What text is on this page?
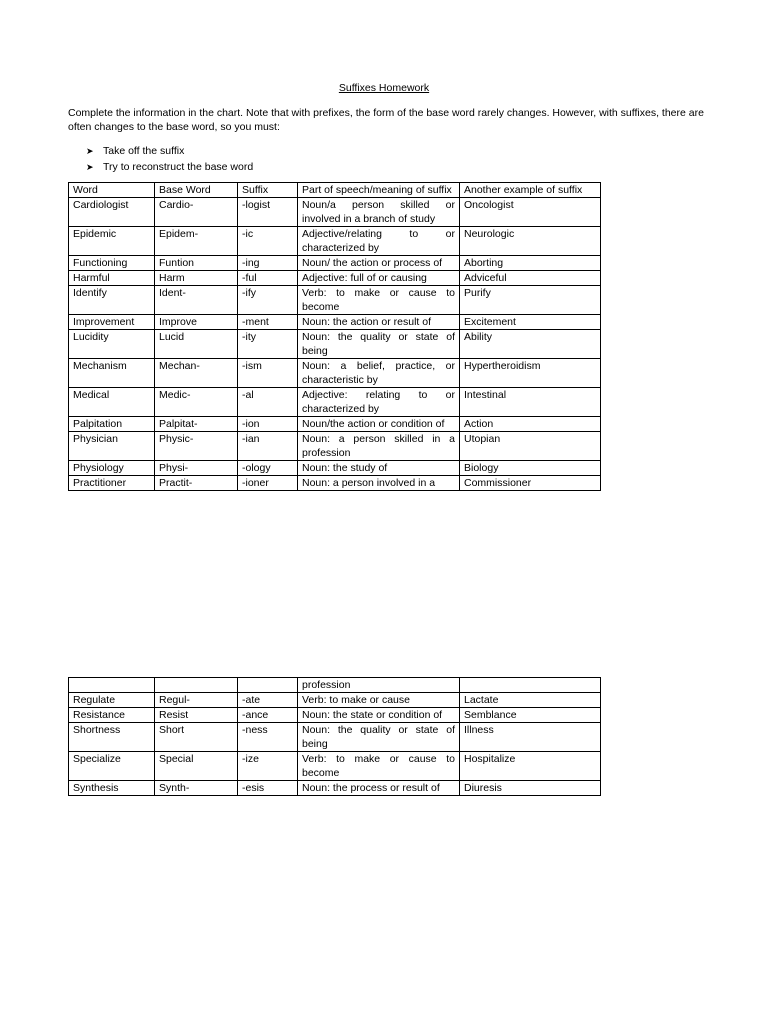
Suffixes Homework
Complete the information in the chart. Note that with prefixes, the form of the base word rarely changes. However, with suffixes, there are often changes to the base word, so you must:
➤ Take off the suffix
➤ Try to reconstruct the base word
Word	Base Word	Suffix	Part of speech/meaning of suffix	Another example of suffix
Cardiologist	Cardio-	-logist	Noun/a person skilled or involved in a branch of study	Oncologist
Epidemic	Epidem-	-ic	Adjective/relating to or characterized by	Neurologic
Functioning	Funtion	-ing	Noun/ the action or process of	Aborting
Harmful	Harm	-ful	Adjective: full of or causing	Adviceful
Identify	Ident-	-ify	Verb: to make or cause to become	Purify
Improvement	Improve	-ment	Noun: the action or result of	Excitement
Lucidity	Lucid	-ity	Noun: the quality or state of being	Ability
Mechanism	Mechan-	-ism	Noun: a belief, practice, or characteristic by	Hypertheroidism
Medical	Medic-	-al	Adjective: relating to or characterized by	Intestinal
Palpitation	Palpitat-	-ion	Noun/the action or condition of	Action
Physician	Physic-	-ian	Noun: a person skilled in a profession	Utopian
Physiology	Physi-	-ology	Noun: the study of	Biology
Practitioner	Practit-	-ioner	Noun: a person involved in a	Commissioner
			profession	
Regulate	Regul-	-ate	Verb: to make or cause	Lactate
Resistance	Resist	-ance	Noun: the state or condition of	Semblance
Shortness	Short	-ness	Noun: the quality or state of being	Illness
Specialize	Special	-ize	Verb: to make or cause to become	Hospitalize
Synthesis	Synth-	-esis	Noun: the process or result of	Diuresis
